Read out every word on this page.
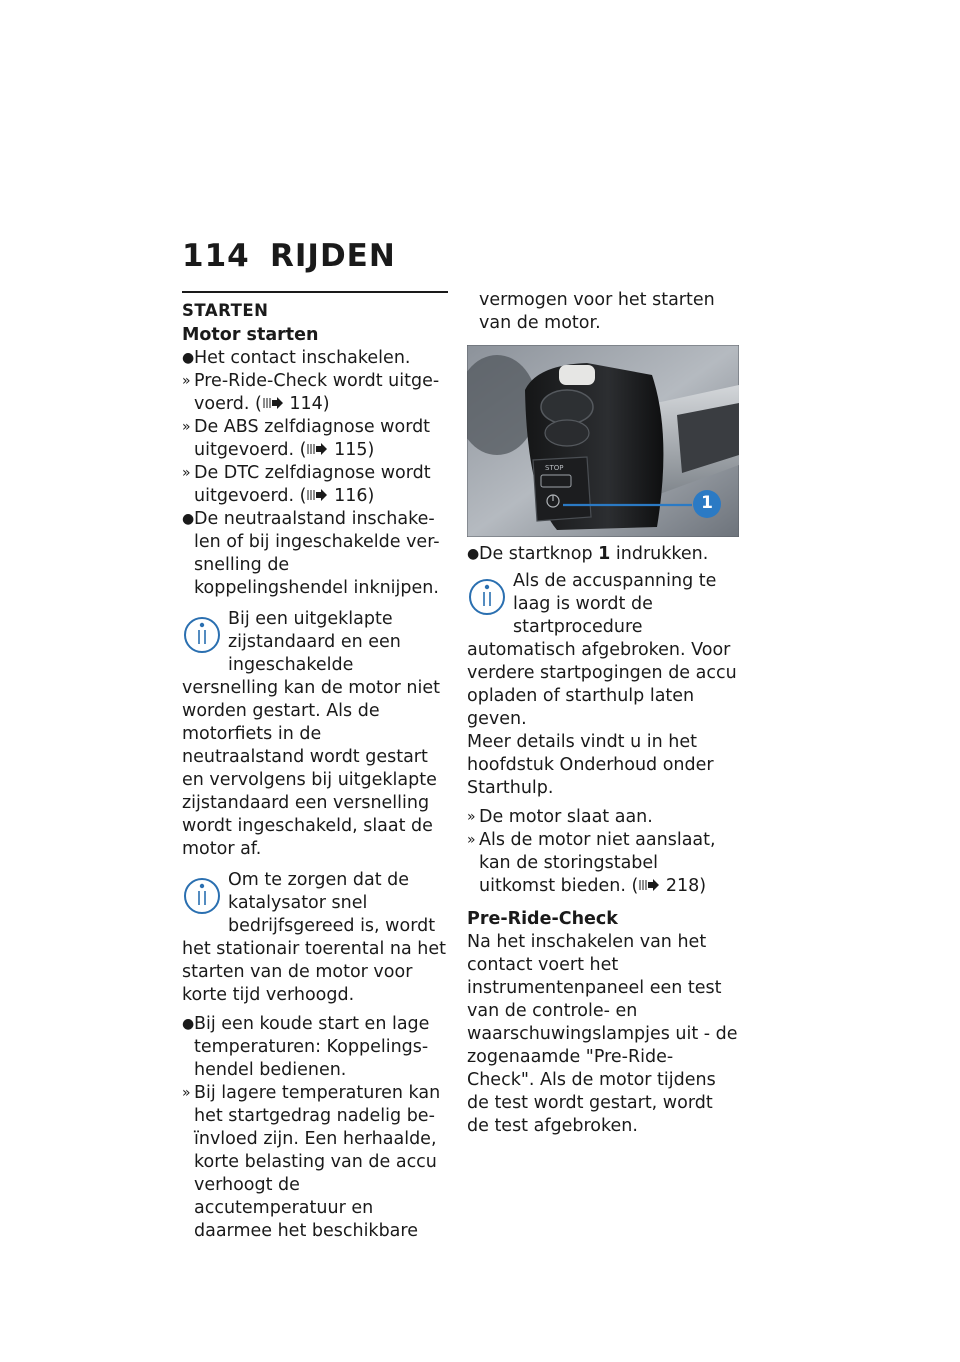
114 RIJDEN
STARTEN
Motor starten
● Het contact inschakelen.
» Pre-Ride-Check wordt uitge-voerd. ( 114)
» De ABS zelfdiagnose wordt uitgevoerd. ( 115)
» De DTC zelfdiagnose wordt uitgevoerd. ( 116)
● De neutraalstand inschake-len of bij ingeschakelde ver-snelling de koppelingshendel inknijpen.
Bij een uitgeklapte zijstandaard en een ingeschakelde versnelling kan de motor niet worden gestart. Als de motorfiets in de neutraalstand wordt gestart en vervolgens bij uitgeklapte zijstandaard een versnelling wordt ingeschakeld, slaat de motor af.
Om te zorgen dat de katalysator snel bedrijfsgereed is, wordt het stationair toerental na het starten van de motor voor korte tijd verhoogd.
● Bij een koude start en lage temperaturen: Koppelings-hendel bedienen.
» Bij lagere temperaturen kan het startgedrag nadelig be-ïnvloed zijn. Een herhaalde, korte belasting van de accu verhoogt de accutemperatuur en daarmee het beschikbare
vermogen voor het starten van de motor.
STOP
1
● De startknop 1 indrukken.
Als de accuspanning te laag is wordt de startprocedure automatisch afgebroken. Voor verdere startpogingen de accu opladen of starthulp laten geven.
Meer details vindt u in het hoofdstuk Onderhoud onder Starthulp.
» De motor slaat aan.
» Als de motor niet aanslaat, kan de storingstabel uitkomst bieden. ( 218)
Pre-Ride-Check

Na het inschakelen van het contact voert het instrumentenpaneel een test van de controle- en waarschuwingslampjes uit - de zogenaamde "Pre-Ride-Check". Als de motor tijdens de test wordt gestart, wordt de test afgebroken.
